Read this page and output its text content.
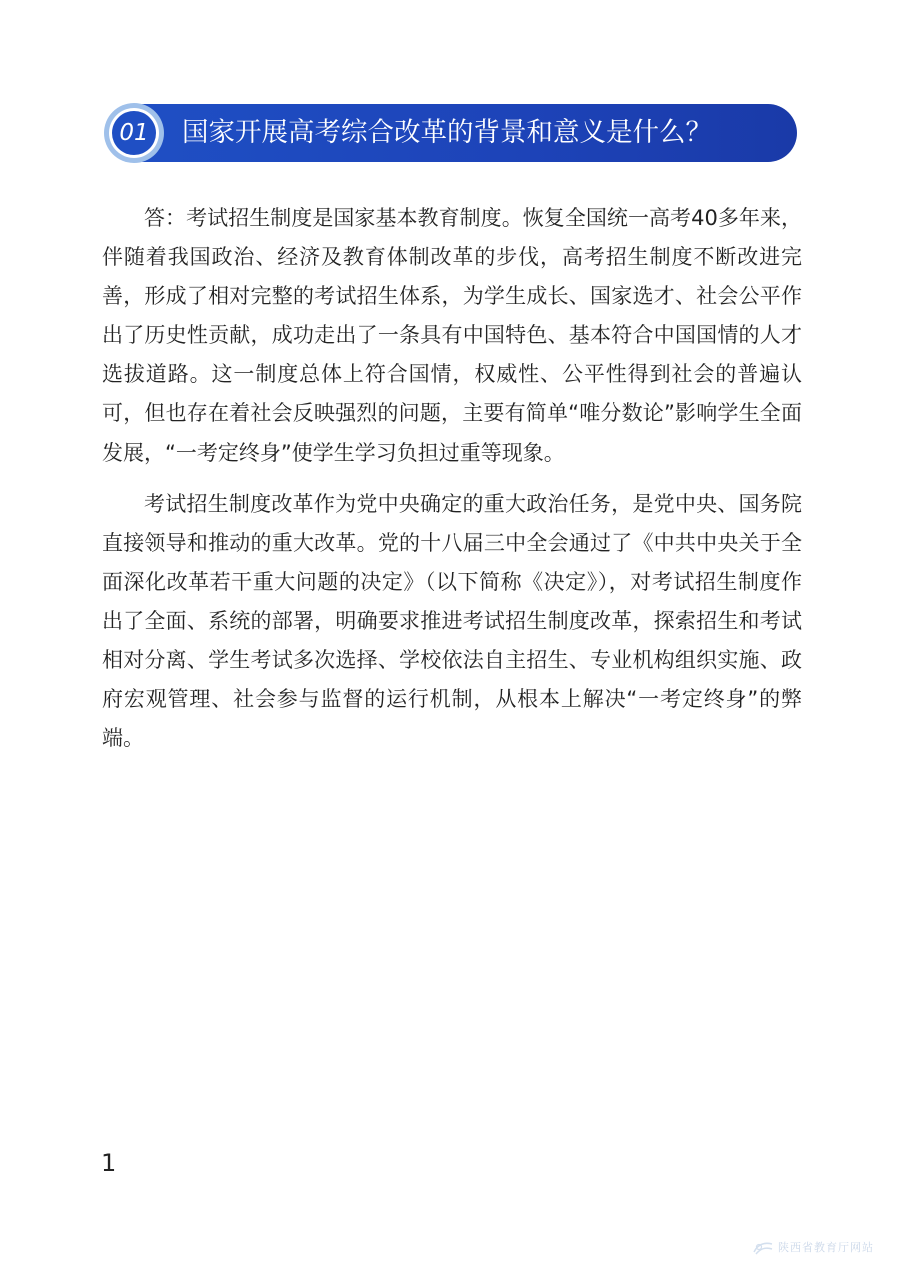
01 国家开展高考综合改革的背景和意义是什么？

答：考试招生制度是国家基本教育制度。恢复全国统一高考40多年来，伴随着我国政治、经济及教育体制改革的步伐，高考招生制度不断改进完善，形成了相对完整的考试招生体系，为学生成长、国家选才、社会公平作出了历史性贡献，成功走出了一条具有中国特色、基本符合中国国情的人才选拔道路。这一制度总体上符合国情，权威性、公平性得到社会的普遍认可，但也存在着社会反映强烈的问题，主要有简单“唯分数论”影响学生全面发展，“一考定终身”使学生学习负担过重等现象。

考试招生制度改革作为党中央确定的重大政治任务，是党中央、国务院直接领导和推动的重大改革。党的十八届三中全会通过了《中共中央关于全面深化改革若干重大问题的决定》（以下简称《决定》），对考试招生制度作出了全面、系统的部署，明确要求推进考试招生制度改革，探索招生和考试相对分离、学生考试多次选择、学校依法自主招生、专业机构组织实施、政府宏观管理、社会参与监督的运行机制，从根本上解决“一考定终身”的弊端。

1
陕西省教育厅网站
